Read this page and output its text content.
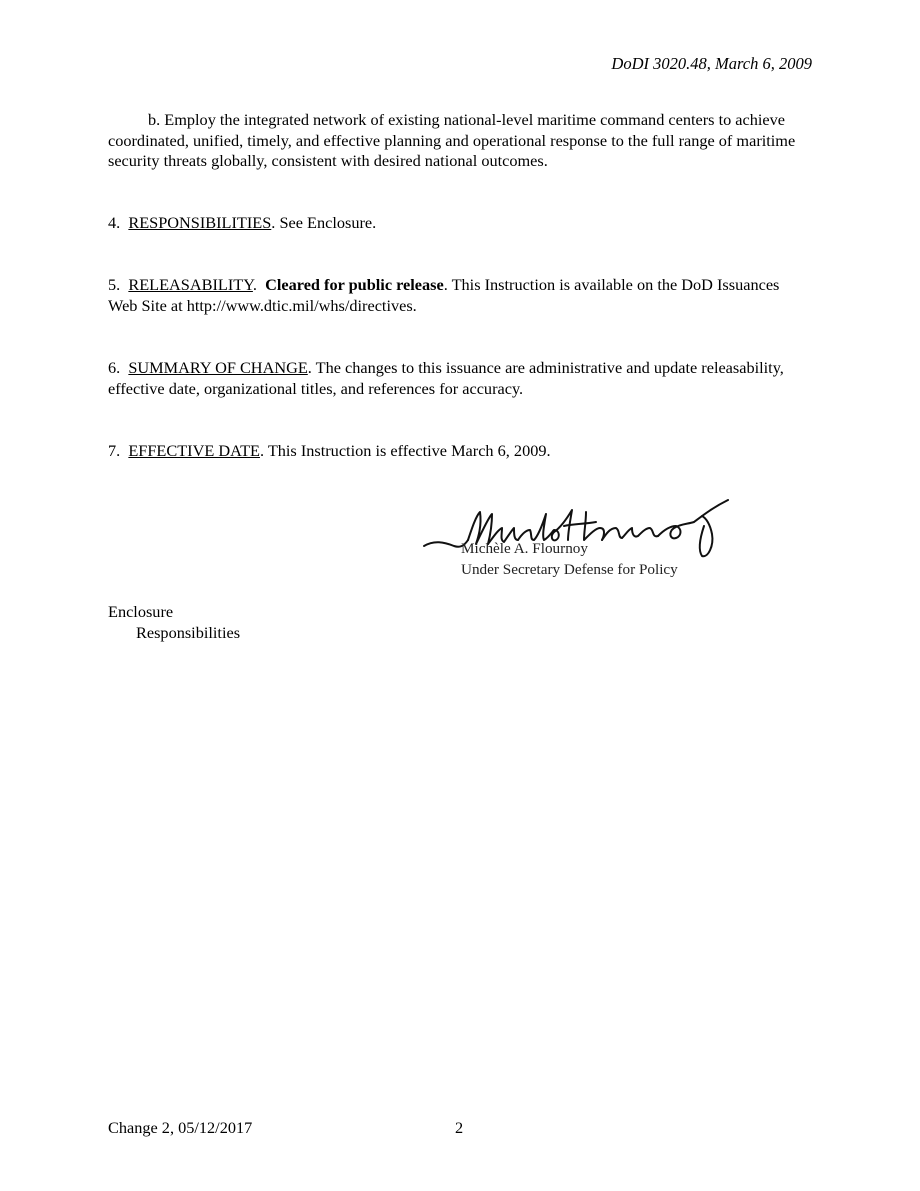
DoDI 3020.48, March 6, 2009

b. Employ the integrated network of existing national-level maritime command centers to achieve coordinated, unified, timely, and effective planning and operational response to the full range of maritime security threats globally, consistent with desired national outcomes.

4. RESPONSIBILITIES. See Enclosure.

5. RELEASABILITY.  Cleared for public release. This Instruction is available on the DoD Issuances Web Site at http://www.dtic.mil/whs/directives.

6. SUMMARY OF CHANGE. The changes to this issuance are administrative and update releasability, effective date, organizational titles, and references for accuracy.

7. EFFECTIVE DATE. This Instruction is effective March 6, 2009.

Michèle A. Flournoy
Under Secretary Defense for Policy
Enclosure
Responsibilities
Change 2, 05/12/2017	2
